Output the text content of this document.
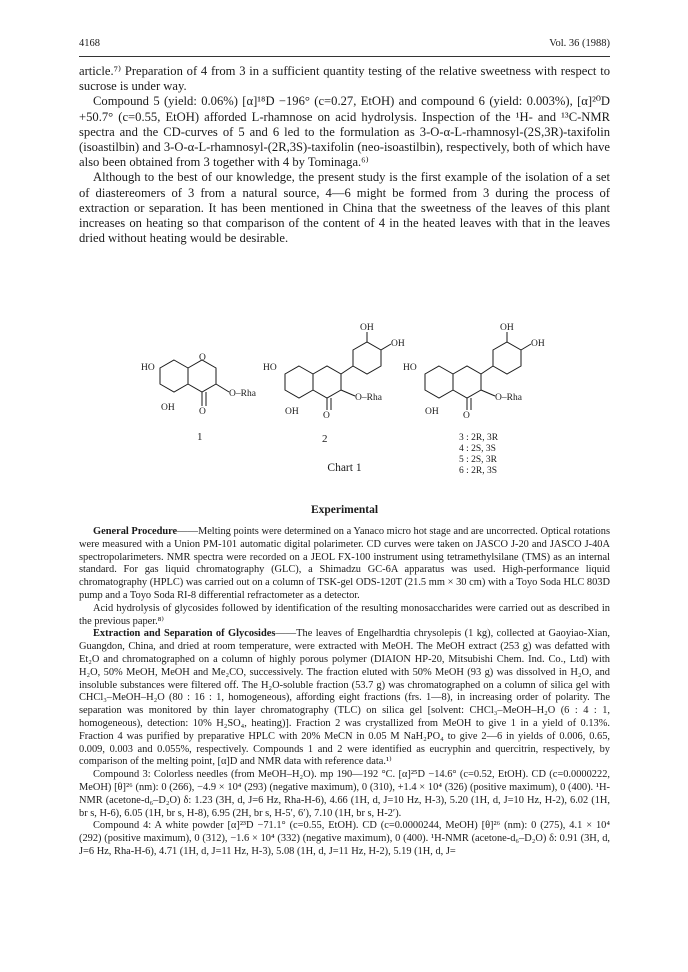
4168	Vol. 36 (1988)

article.⁷⁾ Preparation of 4 from 3 in a sufficient quantity testing of the relative sweetness with respect to sucrose is under way.

Compound 5 (yield: 0.06%) [α]¹⁸D −196° (c=0.27, EtOH) and compound 6 (yield: 0.003%), [α]²⁰D +50.7° (c=0.55, EtOH) afforded L-rhamnose on acid hydrolysis. Inspection of the ¹H- and ¹³C-NMR spectra and the CD-curves of 5 and 6 led to the formulation as 3-O-α-L-rhamnosyl-(2S,3R)-taxifolin (isoastilbin) and 3-O-α-L-rhamnosyl-(2R,3S)-taxifolin (neo-isoastilbin), respectively, both of which have also been obtained from 3 together with 4 by Tominaga.⁶⁾

Although to the best of our knowledge, the present study is the first example of the isolation of a set of diastereomers of 3 from a natural source, 4—6 might be formed from 3 during the process of extraction or separation. It has been mentioned in China that the sweetness of the leaves of this plant increases on heating so that comparison of the content of 4 in the heated leaves with that in the leaves dried without heating would be desirable.

HO
OH
O–Rha
O
O
1
HO
OH
O–Rha
OH
OH
O
2
HO
OH
O–Rha
OH
OH
O
3 : 2R, 3R
4 : 2S, 3S
5 : 2S, 3R
6 : 2R, 3S
Chart 1
Experimental

General Procedure——Melting points were determined on a Yanaco micro hot stage and are uncorrected. Optical rotations were measured with a Union PM-101 automatic digital polarimeter. CD curves were taken on JASCO J-20 and JASCO J-40A spectropolarimeters. NMR spectra were recorded on a JEOL FX-100 instrument using tetramethylsilane (TMS) as an internal standard. For gas liquid chromatography (GLC), a Shimadzu GC-6A apparatus was used. High-performance liquid chromatography (HPLC) was carried out on a column of TSK-gel ODS-120T (21.5 mm × 30 cm) with a Toyo Soda HLC 803D pump and a Toyo Soda RI-8 differential refractometer as a detector.

Acid hydrolysis of glycosides followed by identification of the resulting monosaccharides were carried out as described in the previous paper.⁸⁾

Extraction and Separation of Glycosides——The leaves of Engelhardtia chrysolepis (1 kg), collected at Gaoyiao-Xian, Guangdon, China, and dried at room temperature, were extracted with MeOH. The MeOH extract (253 g) was defatted with Et₂O and chromatographed on a column of highly porous polymer (DIAION HP-20, Mitsubishi Chem. Ind. Co., Ltd) with H₂O, 50% MeOH, MeOH and Me₂CO, successively. The fraction eluted with 50% MeOH (93 g) was dissolved in H₂O, and insoluble substances were filtered off. The H₂O-soluble fraction (53.7 g) was chromatographed on a column of silica gel with CHCl₃–MeOH–H₂O (80 : 16 : 1, homogeneous), affording eight fractions (frs. 1—8), in increasing order of polarity. The separation was monitored by thin layer chromatography (TLC) on silica gel [solvent: CHCl₃–MeOH–H₂O (6 : 4 : 1, homogeneous), detection: 10% H₂SO₄, heating)]. Fraction 2 was crystallized from MeOH to give 1 in a yield of 0.13%. Fraction 4 was purified by preparative HPLC with 20% MeCN in 0.05 M NaH₂PO₄ to give 2—6 in yields of 0.006, 0.65, 0.009, 0.003 and 0.055%, respectively. Compounds 1 and 2 were identified as eucryphin and quercitrin, respectively, by comparison of the melting point, [α]D and NMR data with reference data.¹⁾

Compound 3: Colorless needles (from MeOH–H₂O). mp 190—192 °C. [α]²⁵D −14.6° (c=0.52, EtOH). CD (c=0.0000222, MeOH) [θ]²⁶ (nm): 0 (266), −4.9 × 10⁴ (293) (negative maximum), 0 (310), +1.4 × 10⁴ (326) (positive maximum), 0 (400). ¹H-NMR (acetone-d₆–D₂O) δ: 1.23 (3H, d, J=6 Hz, Rha-H-6), 4.66 (1H, d, J=10 Hz, H-3), 5.20 (1H, d, J=10 Hz, H-2), 6.02 (1H, br s, H-6), 6.05 (1H, br s, H-8), 6.95 (2H, br s, H-5′, 6′), 7.10 (1H, br s, H-2′).

Compound 4: A white powder [α]²³D −71.1° (c=0.55, EtOH). CD (c=0.0000244, MeOH) [θ]²⁶ (nm): 0 (275), 4.1 × 10⁴ (292) (positive maximum), 0 (312), −1.6 × 10⁴ (332) (negative maximum), 0 (400). ¹H-NMR (acetone-d₆–D₂O) δ: 0.91 (3H, d, J=6 Hz, Rha-H-6), 4.71 (1H, d, J=11 Hz, H-3), 5.08 (1H, d, J=11 Hz, H-2), 5.19 (1H, d, J=
